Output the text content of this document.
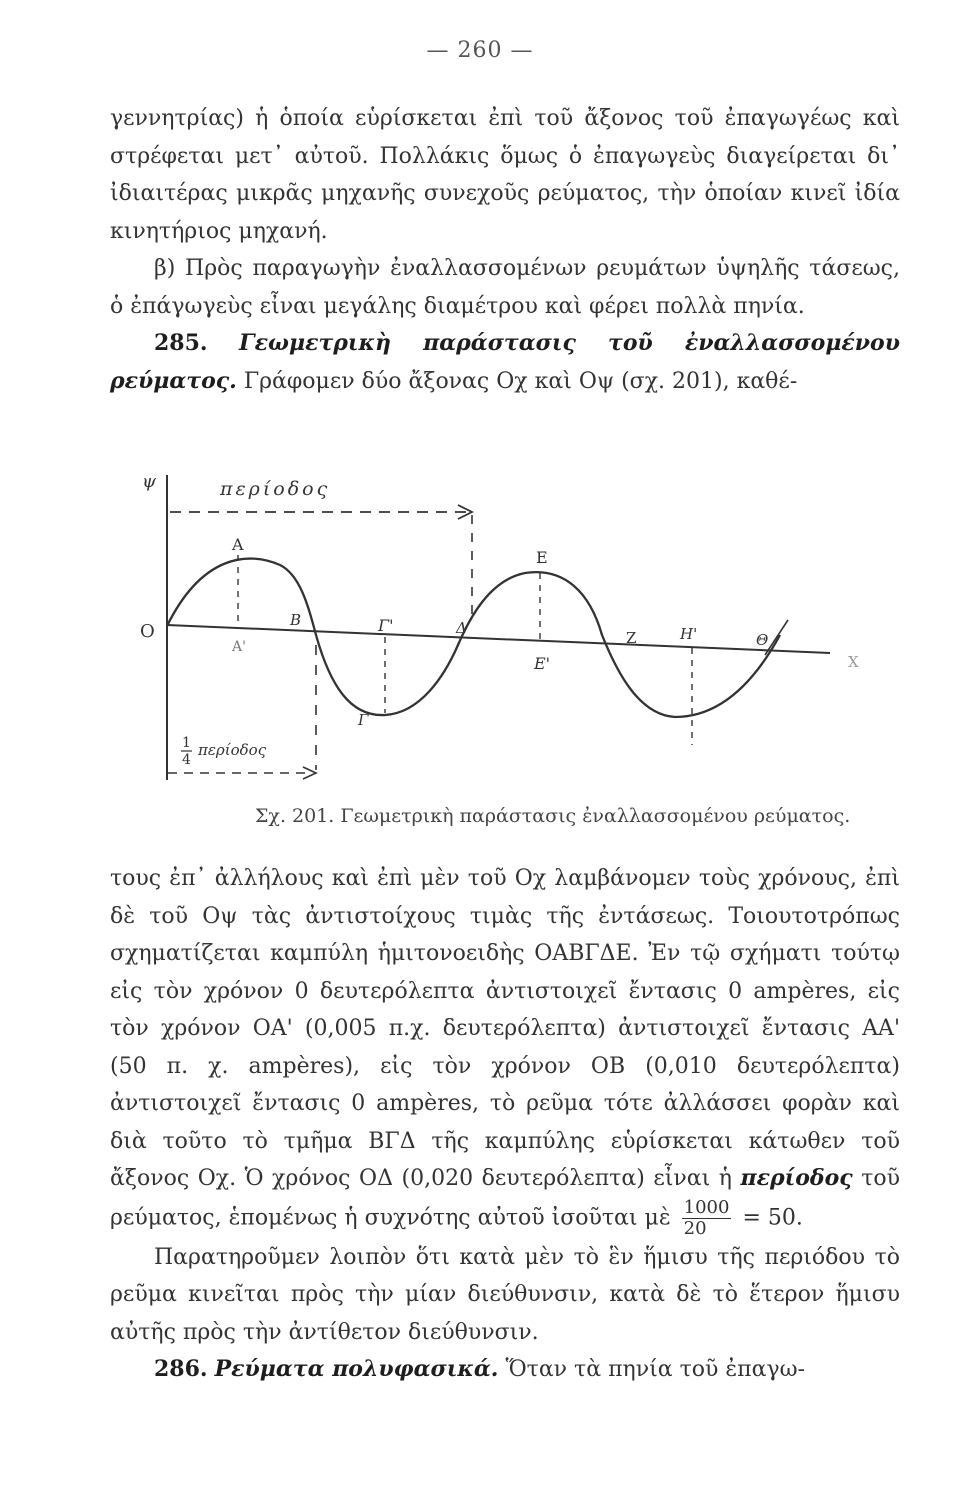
— 260 —

γεννητρίας) ἡ ὁποία εὑρίσκεται ἐπὶ τοῦ ἄξονος τοῦ ἐπαγωγέως καὶ στρέφεται μετ᾽ αὐτοῦ. Πολλάκις ὅμως ὁ ἐπαγωγεὺς διαγείρεται δι᾽ ἰδιαιτέρας μικρᾶς μηχανῆς συνεχοῦς ρεύματος, τὴν ὁποίαν κινεῖ ἰδία κινητήριος μηχανή.

β) Πρὸς παραγωγὴν ἐναλλασσομένων ρευμάτων ὑψηλῆς τάσεως, ὁ ἐπάγωγεὺς εἶναι μεγάλης διαμέτρου καὶ φέρει πολλὰ πηνία.

285. Γεωμετρικὴ παράστασις τοῦ ἐναλλασσομένου ρεύματος. Γράφομεν δύο ἄξονας Οχ καὶ Οψ (σχ. 201), καθέ-

ψ
O
X
περίοδος
1
4
περίοδος
A
A'
B	Γ'
Γ
Δ
E
E'
Z	H'	Θ
Σχ. 201. Γεωμετρικὴ παράστασις ἐναλλασσομένου ρεύματος.

τους ἐπ᾽ ἀλλήλους καὶ ἐπὶ μὲν τοῦ Οχ λαμβάνομεν τοὺς χρόνους, ἐπὶ δὲ τοῦ Οψ τὰς ἀντιστοίχους τιμὰς τῆς ἐντάσεως. Τοιουτοτρόπως σχηματίζεται καμπύλη ἡμιτονοειδὴς ΟΑΒΓΔΕ. Ἐν τῷ σχήματι τούτῳ εἰς τὸν χρόνον 0 δευτερόλεπτα ἀντιστοιχεῖ ἔντασις 0 ampères, εἰς τὸν χρόνον ΟΑ' (0,005 π.χ. δευτερόλεπτα) ἀντιστοιχεῖ ἔντασις ΑΑ' (50 π. χ. ampères), εἰς τὸν χρόνον ΟΒ (0,010 δευτερόλεπτα) ἀντιστοιχεῖ ἔντασις 0 ampères, τὸ ρεῦμα τότε ἀλλάσσει φορὰν καὶ διὰ τοῦτο τὸ τμῆμα ΒΓΔ τῆς καμπύλης εὑρίσκεται κάτωθεν τοῦ ἄξονος Οχ. Ὁ χρόνος ΟΔ (0,020 δευτερόλεπτα) εἶναι ἡ περίοδος τοῦ ρεύματος, ἑπομένως ἡ συχνότης αὐτοῦ ἰσοῦται μὲ $\frac{1000}{20} = 50$.

Παρατηροῦμεν λοιπὸν ὅτι κατὰ μὲν τὸ ἓν ἥμισυ τῆς περιόδου τὸ ρεῦμα κινεῖται πρὸς τὴν μίαν διεύθυνσιν, κατὰ δὲ τὸ ἕτερον ἥμισυ αὐτῆς πρὸς τὴν ἀντίθετον διεύθυνσιν.

286. Ρεύματα πολυφασικά. Ὅταν τὰ πηνία τοῦ ἐπαγω-
